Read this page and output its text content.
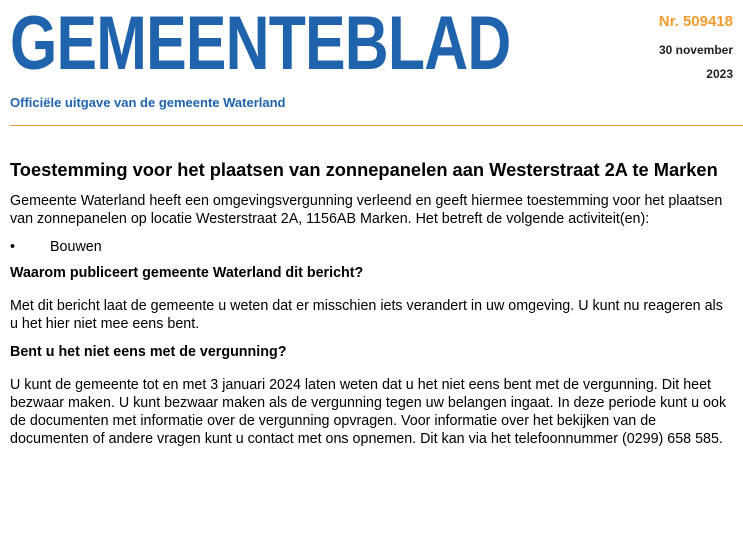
GEMEENTEBLAD
Officiële uitgave van de gemeente Waterland
Nr. 509418
30 november
2023
Toestemming voor het plaatsen van zonnepanelen aan Westerstraat 2A te Marken

Gemeente Waterland heeft een omgevingsvergunning verleend en geeft hiermee toestemming voor het plaatsen van zonnepanelen op locatie Westerstraat 2A, 1156AB Marken. Het betreft de volgende activiteit(en):

• Bouwen
Waarom publiceert gemeente Waterland dit bericht?

Met dit bericht laat de gemeente u weten dat er misschien iets verandert in uw omgeving. U kunt nu reageren als u het hier niet mee eens bent.

Bent u het niet eens met de vergunning?

U kunt de gemeente tot en met 3 januari 2024 laten weten dat u het niet eens bent met de vergunning. Dit heet bezwaar maken. U kunt bezwaar maken als de vergunning tegen uw belangen ingaat. In deze periode kunt u ook de documenten met informatie over de vergunning opvragen. Voor informatie over het bekijken van de documenten of andere vragen kunt u contact met ons opnemen. Dit kan via het telefoonnummer (0299) 658 585.
